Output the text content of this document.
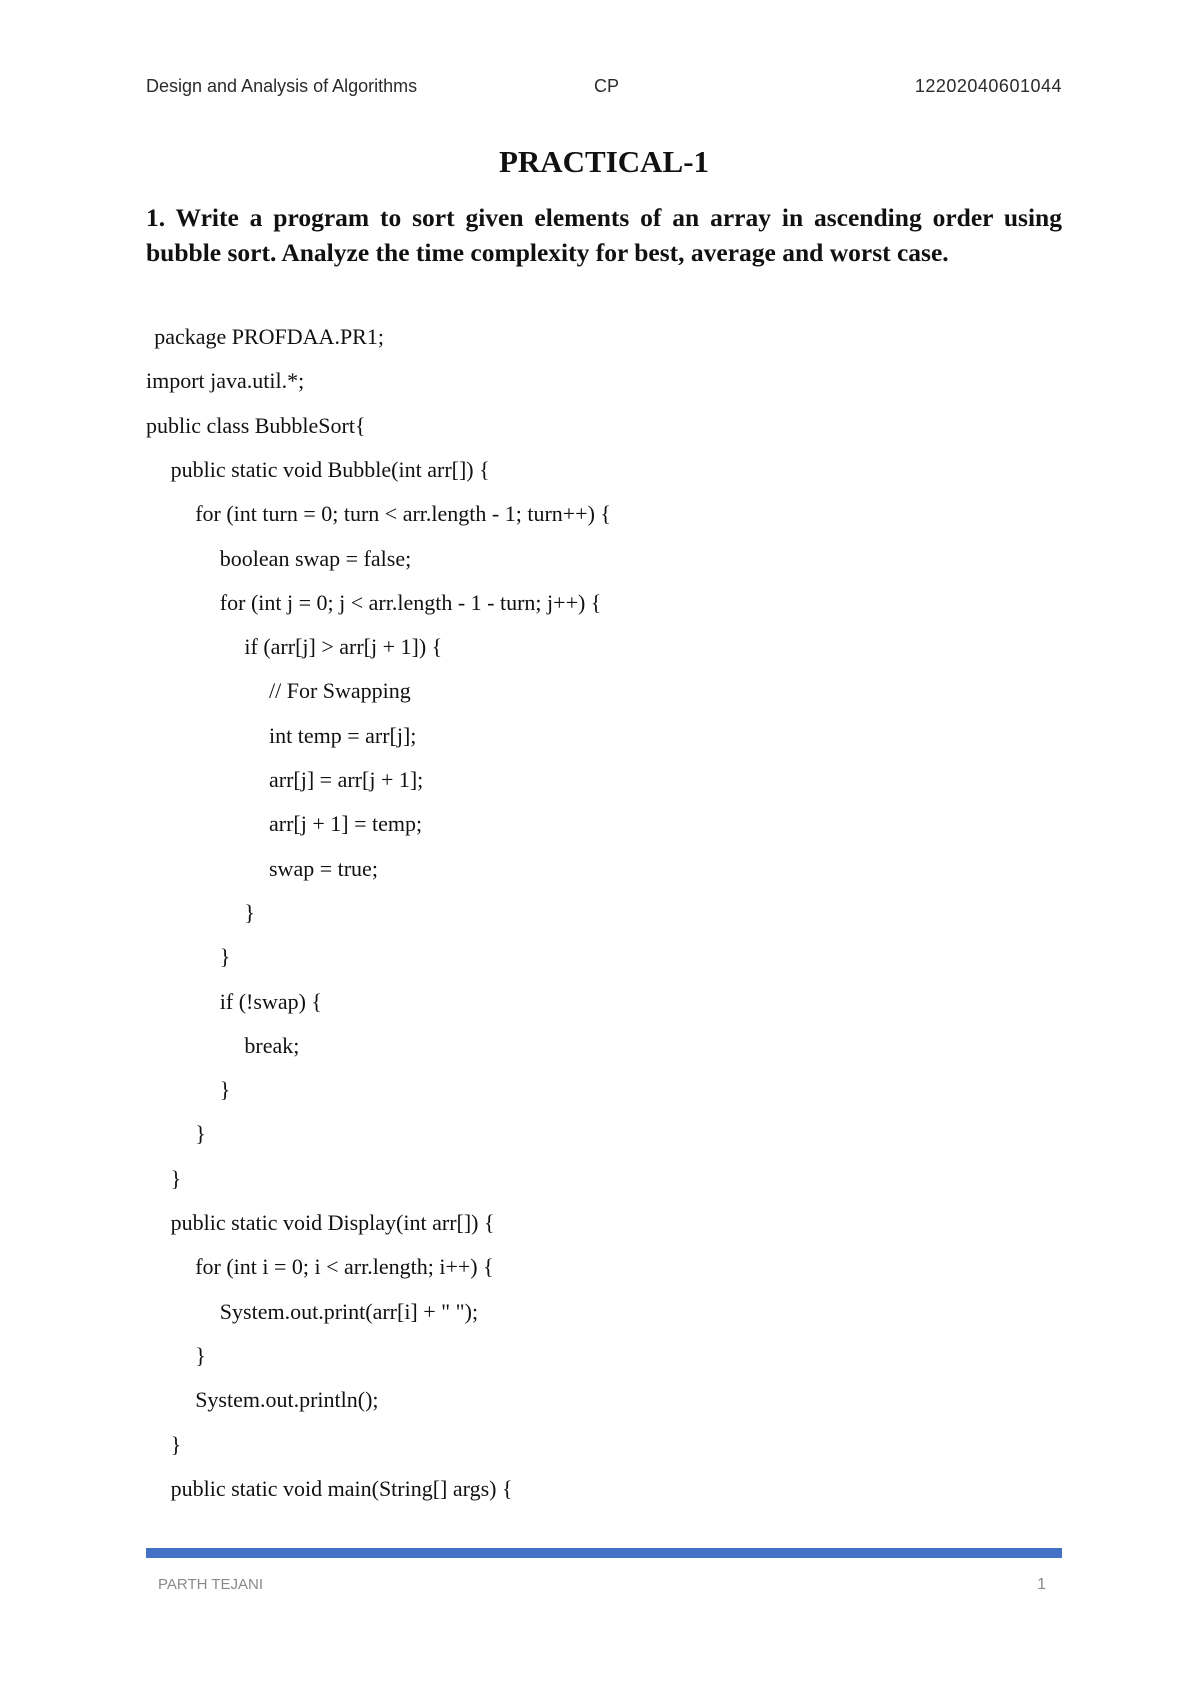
Design and Analysis of Algorithms	CP	12202040601044
PRACTICAL-1

1. Write a program to sort given elements of an array in ascending order using bubble sort. Analyze the time complexity for best, average and worst case.

package PROFDAA.PR1;
import java.util.*;
public class BubbleSort{
public static void Bubble(int arr[]) {
for (int turn = 0; turn < arr.length - 1; turn++) {
boolean swap = false;
for (int j = 0; j < arr.length - 1 - turn; j++) {
if (arr[j] > arr[j + 1]) {
// For Swapping
int temp = arr[j];
arr[j] = arr[j + 1];
arr[j + 1] = temp;
swap = true;
}
}
if (!swap) {
break;
}
}
}
public static void Display(int arr[]) {
for (int i = 0; i < arr.length; i++) {
System.out.print(arr[i] + " ");
}
System.out.println();
}
public static void main(String[] args) {
PARTH TEJANI	1
